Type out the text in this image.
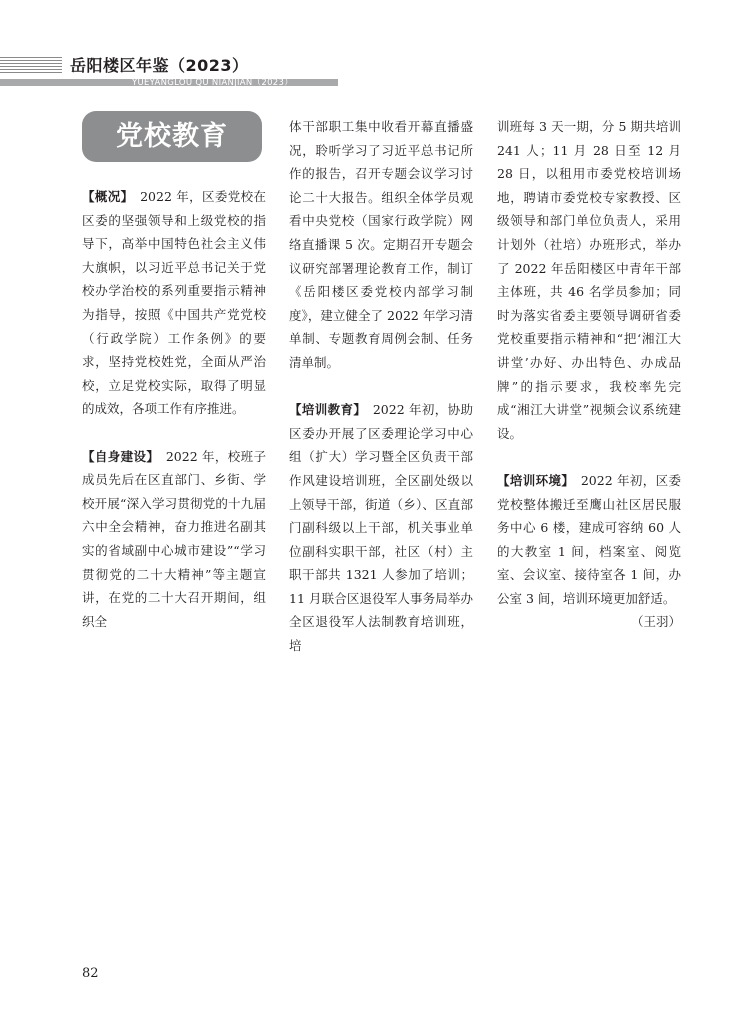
岳阳楼区年鉴（2023）
YUEYANGLOU QU NIANJIAN（2023）
党校教育

【概况】　2022 年，区委党校在区委的坚强领导和上级党校的指导下，高举中国特色社会主义伟大旗帜，以习近平总书记关于党校办学治校的系列重要指示精神为指导，按照《中国共产党党校（行政学院）工作条例》的要求，坚持党校姓党，全面从严治校，立足党校实际，取得了明显的成效，各项工作有序推进。

【自身建设】　2022 年，校班子成员先后在区直部门、乡街、学校开展“深入学习贯彻党的十九届六中全会精神，奋力推进名副其实的省域副中心城市建设”“学习贯彻党的二十大精神”等主题宣讲，在党的二十大召开期间，组织全

体干部职工集中收看开幕直播盛况，聆听学习了习近平总书记所作的报告，召开专题会议学习讨论二十大报告。组织全体学员观看中央党校（国家行政学院）网络直播课 5 次。定期召开专题会议研究部署理论教育工作，制订《岳阳楼区委党校内部学习制度》，建立健全了 2022 年学习清单制、专题教育周例会制、任务清单制。

【培训教育】　2022 年初，协助区委办开展了区委理论学习中心组（扩大）学习暨全区负责干部作风建设培训班，全区副处级以上领导干部，街道（乡）、区直部门副科级以上干部，机关事业单位副科实职干部，社区（村）主职干部共 1321 人参加了培训；11 月联合区退役军人事务局举办全区退役军人法制教育培训班，培

训班每 3 天一期，分 5 期共培训 241 人；11 月 28 日至 12 月 28 日，以租用市委党校培训场地，聘请市委党校专家教授、区级领导和部门单位负责人，采用计划外（社培）办班形式，举办了 2022 年岳阳楼区中青年干部主体班，共 46 名学员参加；同时为落实省委主要领导调研省委党校重要指示精神和“把‘湘江大讲堂’办好、办出特色、办成品牌”的指示要求，我校率先完成“湘江大讲堂”视频会议系统建设。

【培训环境】　2022 年初，区委党校整体搬迁至鹰山社区居民服务中心 6 楼，建成可容纳 60 人的大教室 1 间，档案室、阅览室、会议室、接待室各 1 间，办公室 3 间，培训环境更加舒适。

（王羽）
82
